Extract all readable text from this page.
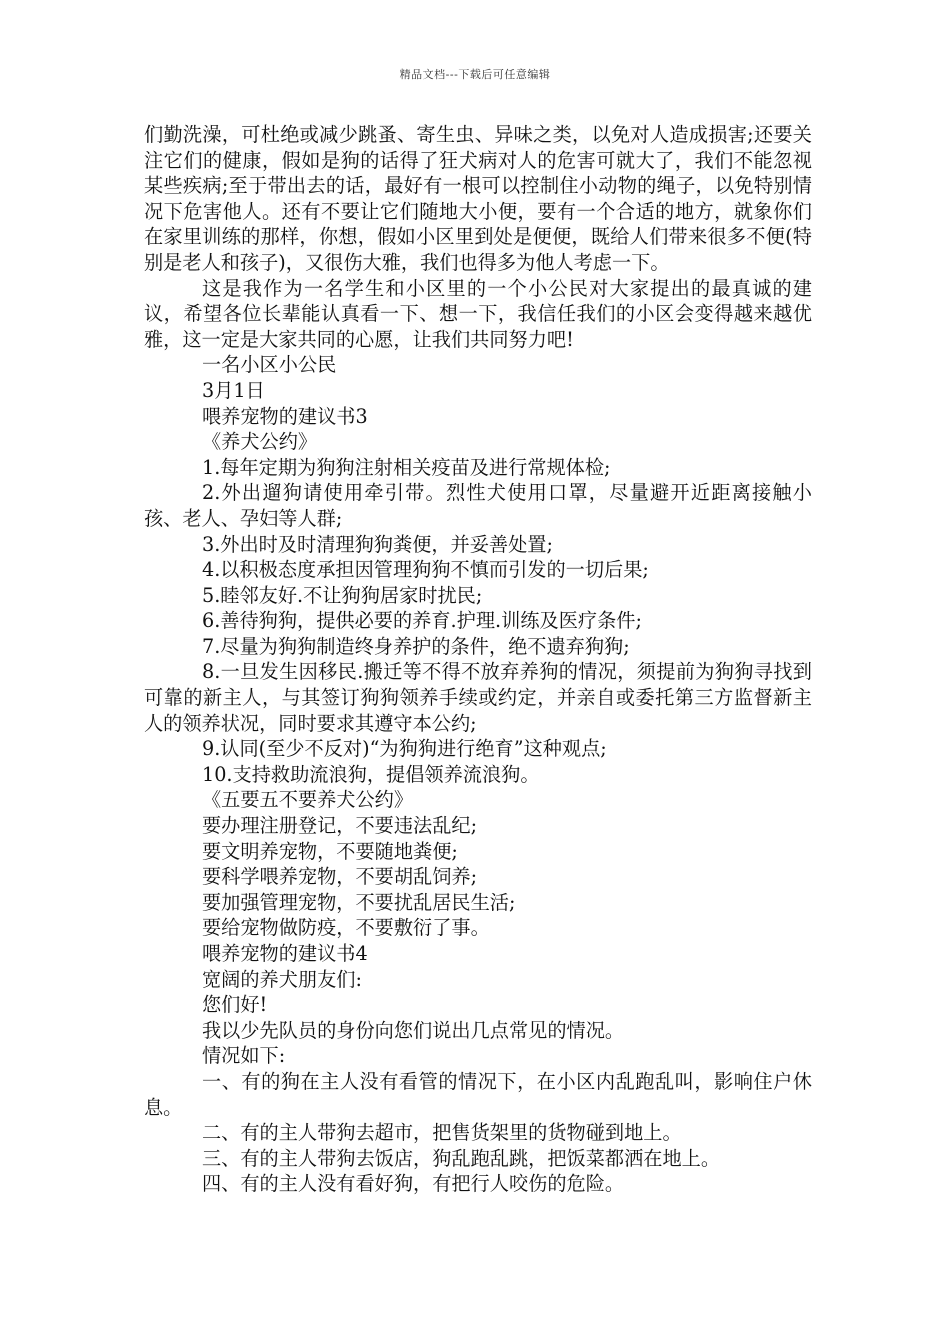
精品文档---下载后可任意编辑

们勤洗澡，可杜绝或减少跳蚤、寄生虫、异味之类，以免对人造成损害;还要关注它们的健康，假如是狗的话得了狂犬病对人的危害可就大了，我们不能忽视某些疾病;至于带出去的话，最好有一根可以控制住小动物的绳子，以免特别情况下危害他人。还有不要让它们随地大小便，要有一个合适的地方，就象你们在家里训练的那样，你想，假如小区里到处是便便，既给人们带来很多不便(特别是老人和孩子)，又很伤大雅，我们也得多为他人考虑一下。

这是我作为一名学生和小区里的一个小公民对大家提出的最真诚的建议，希望各位长辈能认真看一下、想一下，我信任我们的小区会变得越来越优雅，这一定是大家共同的心愿，让我们共同努力吧!

一名小区小公民

3月1日

喂养宠物的建议书3

《养犬公约》

1.每年定期为狗狗注射相关疫苗及进行常规体检;

2.外出遛狗请使用牵引带。烈性犬使用口罩，尽量避开近距离接触小孩、老人、孕妇等人群;

3.外出时及时清理狗狗粪便，并妥善处置;

4.以积极态度承担因管理狗狗不慎而引发的一切后果;

5.睦邻友好.不让狗狗居家时扰民;

6.善待狗狗，提供必要的养育.护理.训练及医疗条件;

7.尽量为狗狗制造终身养护的条件，绝不遗弃狗狗;

8.一旦发生因移民.搬迁等不得不放弃养狗的情况，须提前为狗狗寻找到可靠的新主人，与其签订狗狗领养手续或约定，并亲自或委托第三方监督新主人的领养状况，同时要求其遵守本公约;

9.认同(至少不反对)“为狗狗进行绝育”这种观点;

10.支持救助流浪狗，提倡领养流浪狗。

《五要五不要养犬公约》

要办理注册登记，不要违法乱纪;

要文明养宠物，不要随地粪便;

要科学喂养宠物，不要胡乱饲养;

要加强管理宠物，不要扰乱居民生活;

要给宠物做防疫，不要敷衍了事。

喂养宠物的建议书4

宽阔的养犬朋友们:

您们好!

我以少先队员的身份向您们说出几点常见的情况。

情况如下:

一、有的狗在主人没有看管的情况下，在小区内乱跑乱叫，影响住户休息。

二、有的主人带狗去超市，把售货架里的货物碰到地上。

三、有的主人带狗去饭店，狗乱跑乱跳，把饭菜都洒在地上。

四、有的主人没有看好狗，有把行人咬伤的危险。
